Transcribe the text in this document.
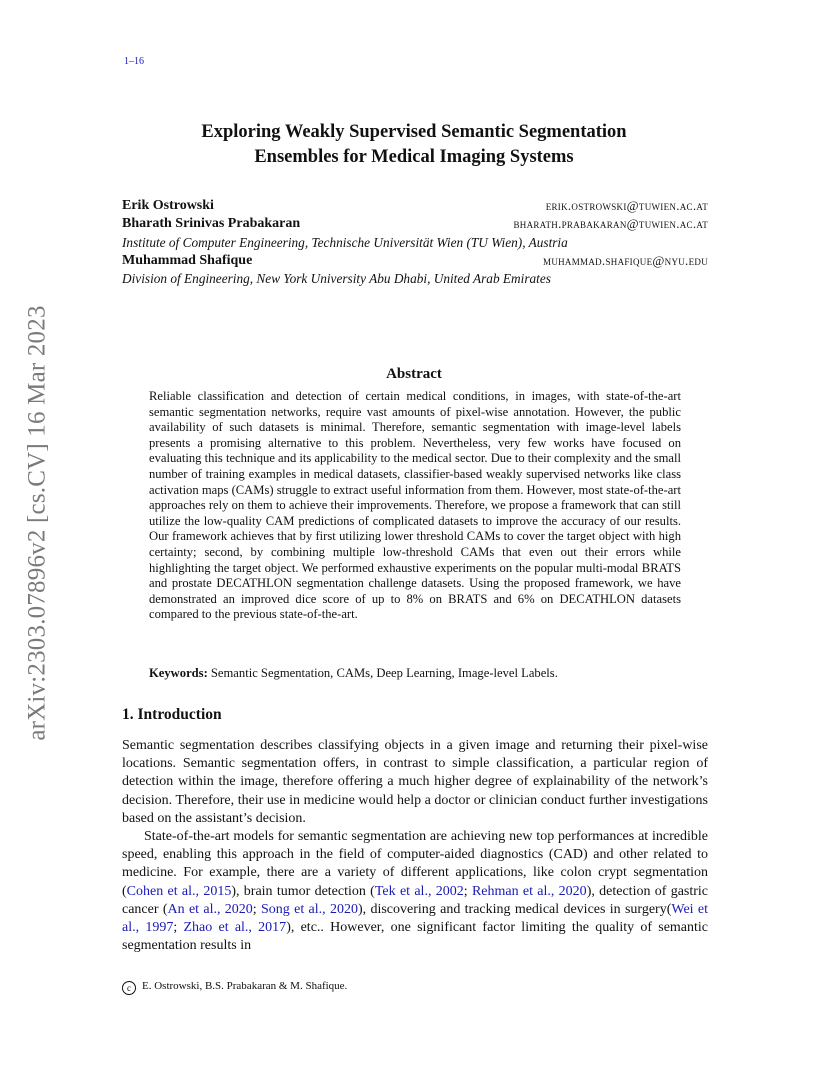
1–16
arXiv:2303.07896v2 [cs.CV] 16 Mar 2023
Exploring Weakly Supervised Semantic Segmentation
Ensembles for Medical Imaging Systems
Erik Ostrowski	erik.ostrowski@tuwien.ac.at
Bharath Srinivas Prabakaran	bharath.prabakaran@tuwien.ac.at
Institute of Computer Engineering, Technische Universität Wien (TU Wien), Austria
Muhammad Shafique	muhammad.shafique@nyu.edu
Division of Engineering, New York University Abu Dhabi, United Arab Emirates
Abstract

Reliable classification and detection of certain medical conditions, in images, with state-of-the-art semantic segmentation networks, require vast amounts of pixel-wise annotation. However, the public availability of such datasets is minimal. Therefore, semantic segmentation with image-level labels presents a promising alternative to this problem. Nevertheless, very few works have focused on evaluating this technique and its applicability to the medical sector. Due to their complexity and the small number of training examples in medical datasets, classifier-based weakly supervised networks like class activation maps (CAMs) struggle to extract useful information from them. However, most state-of-the-art approaches rely on them to achieve their improvements. Therefore, we propose a framework that can still utilize the low-quality CAM predictions of complicated datasets to improve the accuracy of our results. Our framework achieves that by first utilizing lower threshold CAMs to cover the target object with high certainty; second, by combining multiple low-threshold CAMs that even out their errors while highlighting the target object. We performed exhaustive experiments on the popular multi-modal BRATS and prostate DECATHLON segmentation challenge datasets. Using the proposed framework, we have demonstrated an improved dice score of up to 8% on BRATS and 6% on DECATHLON datasets compared to the previous state-of-the-art.

Keywords: Semantic Segmentation, CAMs, Deep Learning, Image-level Labels.
1. Introduction

Semantic segmentation describes classifying objects in a given image and returning their pixel-wise locations. Semantic segmentation offers, in contrast to simple classification, a particular region of detection within the image, therefore offering a much higher degree of explainability of the network’s decision. Therefore, their use in medicine would help a doctor or clinician conduct further investigations based on the assistant’s decision.

State-of-the-art models for semantic segmentation are achieving new top performances at incredible speed, enabling this approach in the field of computer-aided diagnostics (CAD) and other related to medicine. For example, there are a variety of different applications, like colon crypt segmentation (Cohen et al., 2015), brain tumor detection (Tek et al., 2002; Rehman et al., 2020), detection of gastric cancer (An et al., 2020; Song et al., 2020), discovering and tracking medical devices in surgery(Wei et al., 1997; Zhao et al., 2017), etc.. However, one significant factor limiting the quality of semantic segmentation results in

c E. Ostrowski, B.S. Prabakaran & M. Shafique.
